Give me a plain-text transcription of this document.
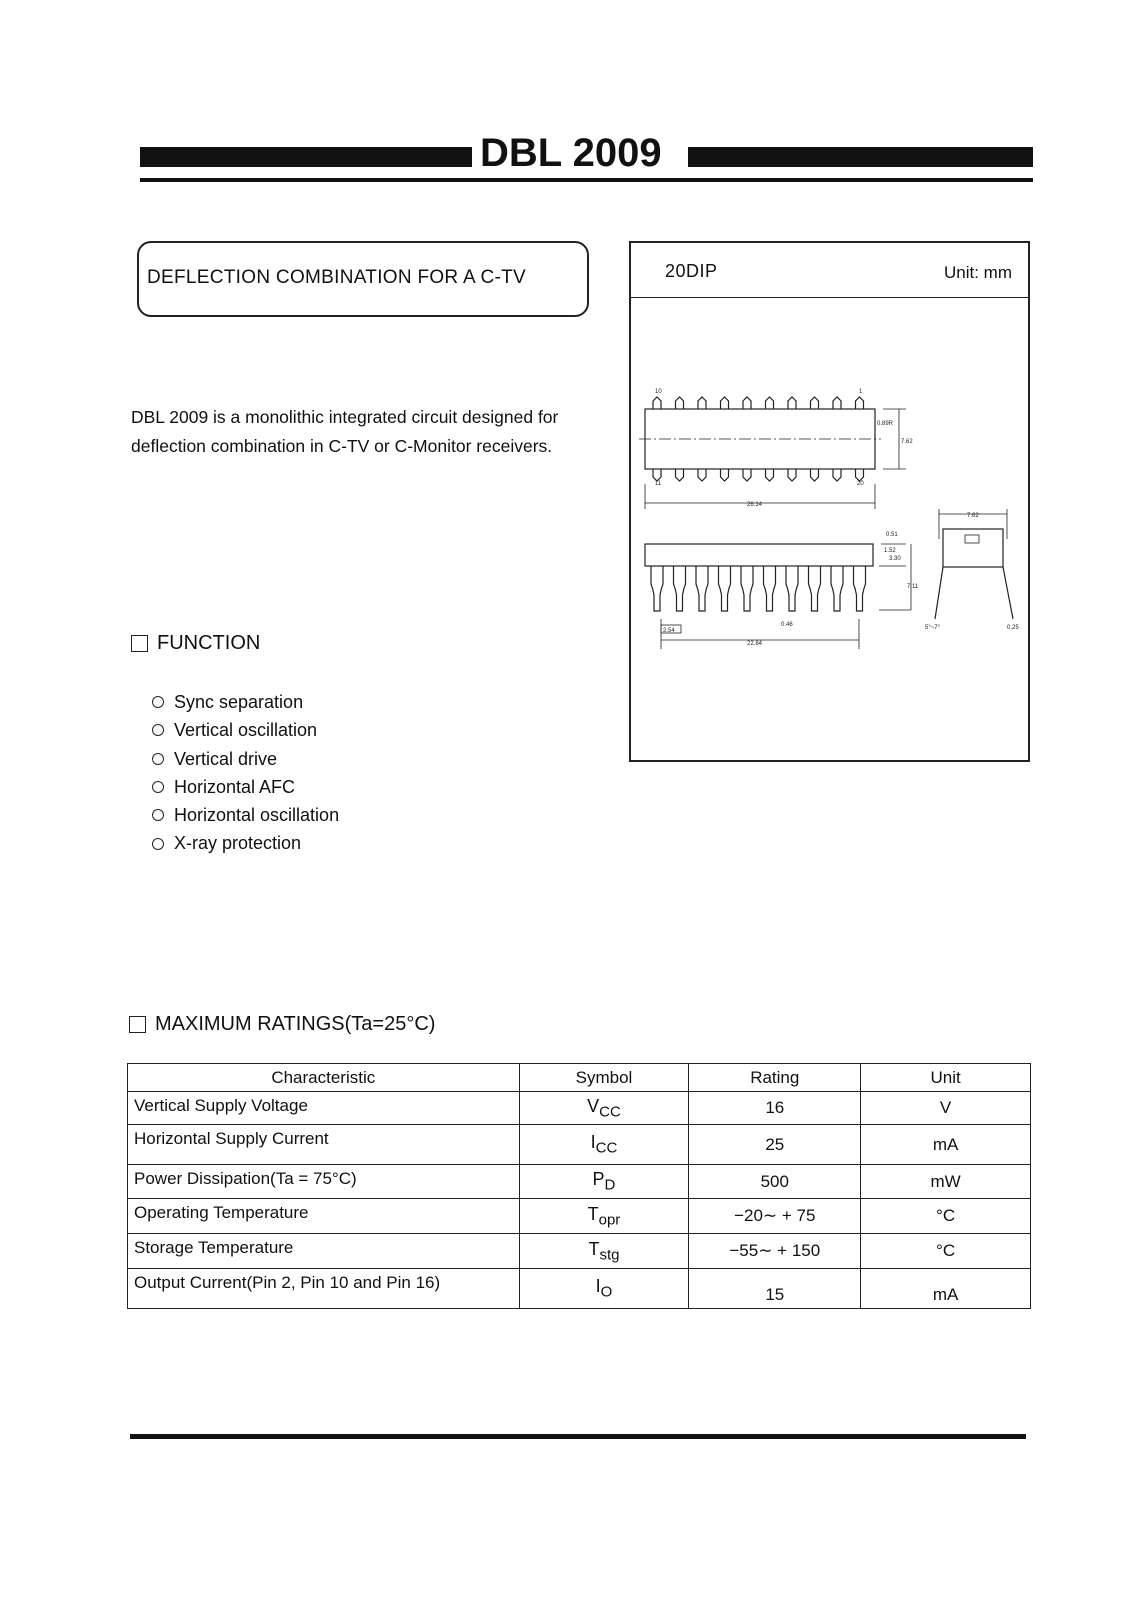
DBL 2009
DEFLECTION COMBINATION FOR A C-TV
DBL 2009 is a monolithic integrated circuit designed for deflection combination in C-TV or C-Monitor receivers.
20DIP	Unit: mm
10	1
11	20
0.89R
7.62
26.14
0.51
1.52
3.30
7.11
2.54
0.46
22.84
7.62
5°~7°	0.25
FUNCTION
Sync separation
Vertical oscillation
Vertical drive
Horizontal AFC
Horizontal oscillation
X-ray protection
MAXIMUM RATINGS(Ta=25°C)
Characteristic	Symbol	Rating	Unit
Vertical Supply Voltage	$V_{CC}$	16	V
Horizontal Supply Current	$I_{CC}$	25	mA
Power Dissipation(Ta = 75°C)	$P_D$	500	mW
Operating Temperature	$T_{opr}$	−20∼ + 75	°C
Storage Temperature	$T_{stg}$	−55∼ + 150	°C
Output Current(Pin 2, Pin 10 and Pin 16)	$I_O$	15	mA
